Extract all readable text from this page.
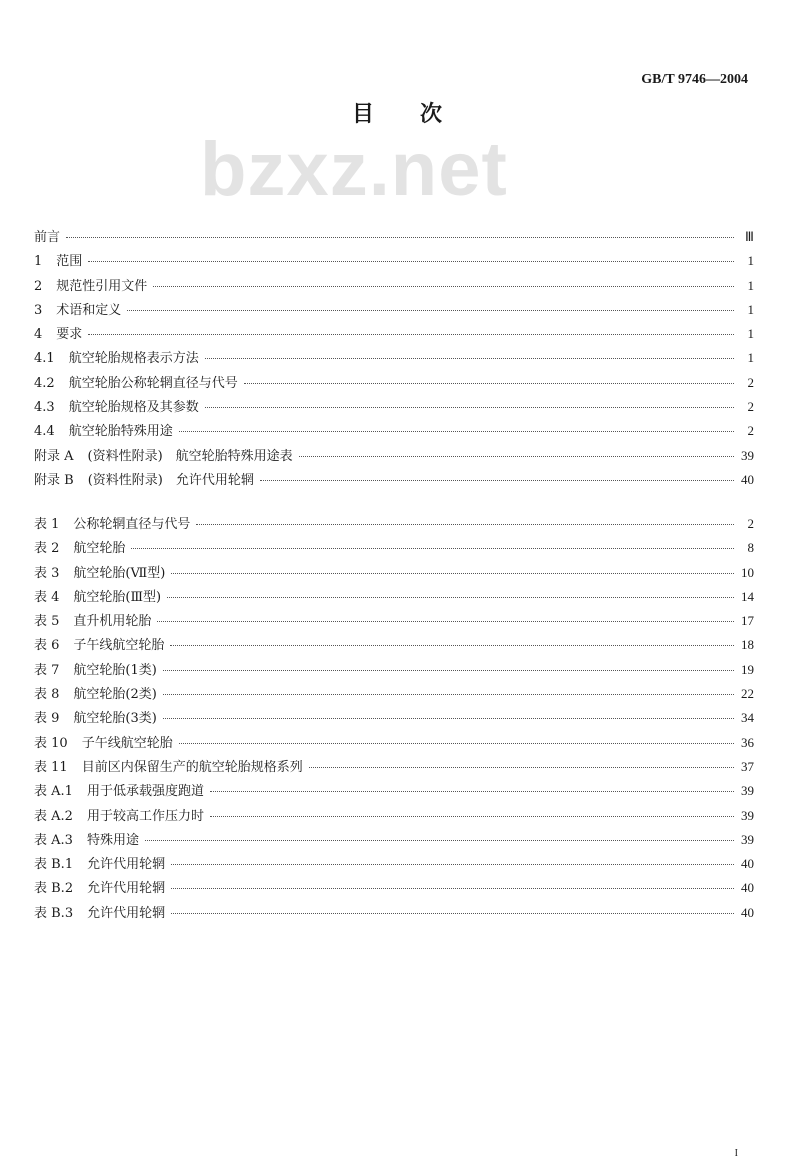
GB/T 9746—2004
bzxz.net
目次
前言	Ⅲ
1 范围	1
2 规范性引用文件	1
3 术语和定义	1
4 要求	1
4.1 航空轮胎规格表示方法	1
4.2 航空轮胎公称轮辋直径与代号	2
4.3 航空轮胎规格及其参数	2
4.4 航空轮胎特殊用途	2
附录 A (资料性附录)　航空轮胎特殊用途表	39
附录 B (资料性附录)　允许代用轮辋	40
表 1 公称轮辋直径与代号	2
表 2 航空轮胎	8
表 3 航空轮胎(Ⅶ型)	10
表 4 航空轮胎(Ⅲ型)	14
表 5 直升机用轮胎	17
表 6 子午线航空轮胎	18
表 7 航空轮胎(1类)	19
表 8 航空轮胎(2类)	22
表 9 航空轮胎(3类)	34
表 10 子午线航空轮胎	36
表 11 目前区内保留生产的航空轮胎规格系列	37
表 A.1 用于低承载强度跑道	39
表 A.2 用于较高工作压力时	39
表 A.3 特殊用途	39
表 B.1 允许代用轮辋	40
表 B.2 允许代用轮辋	40
表 B.3 允许代用轮辋	40
I
